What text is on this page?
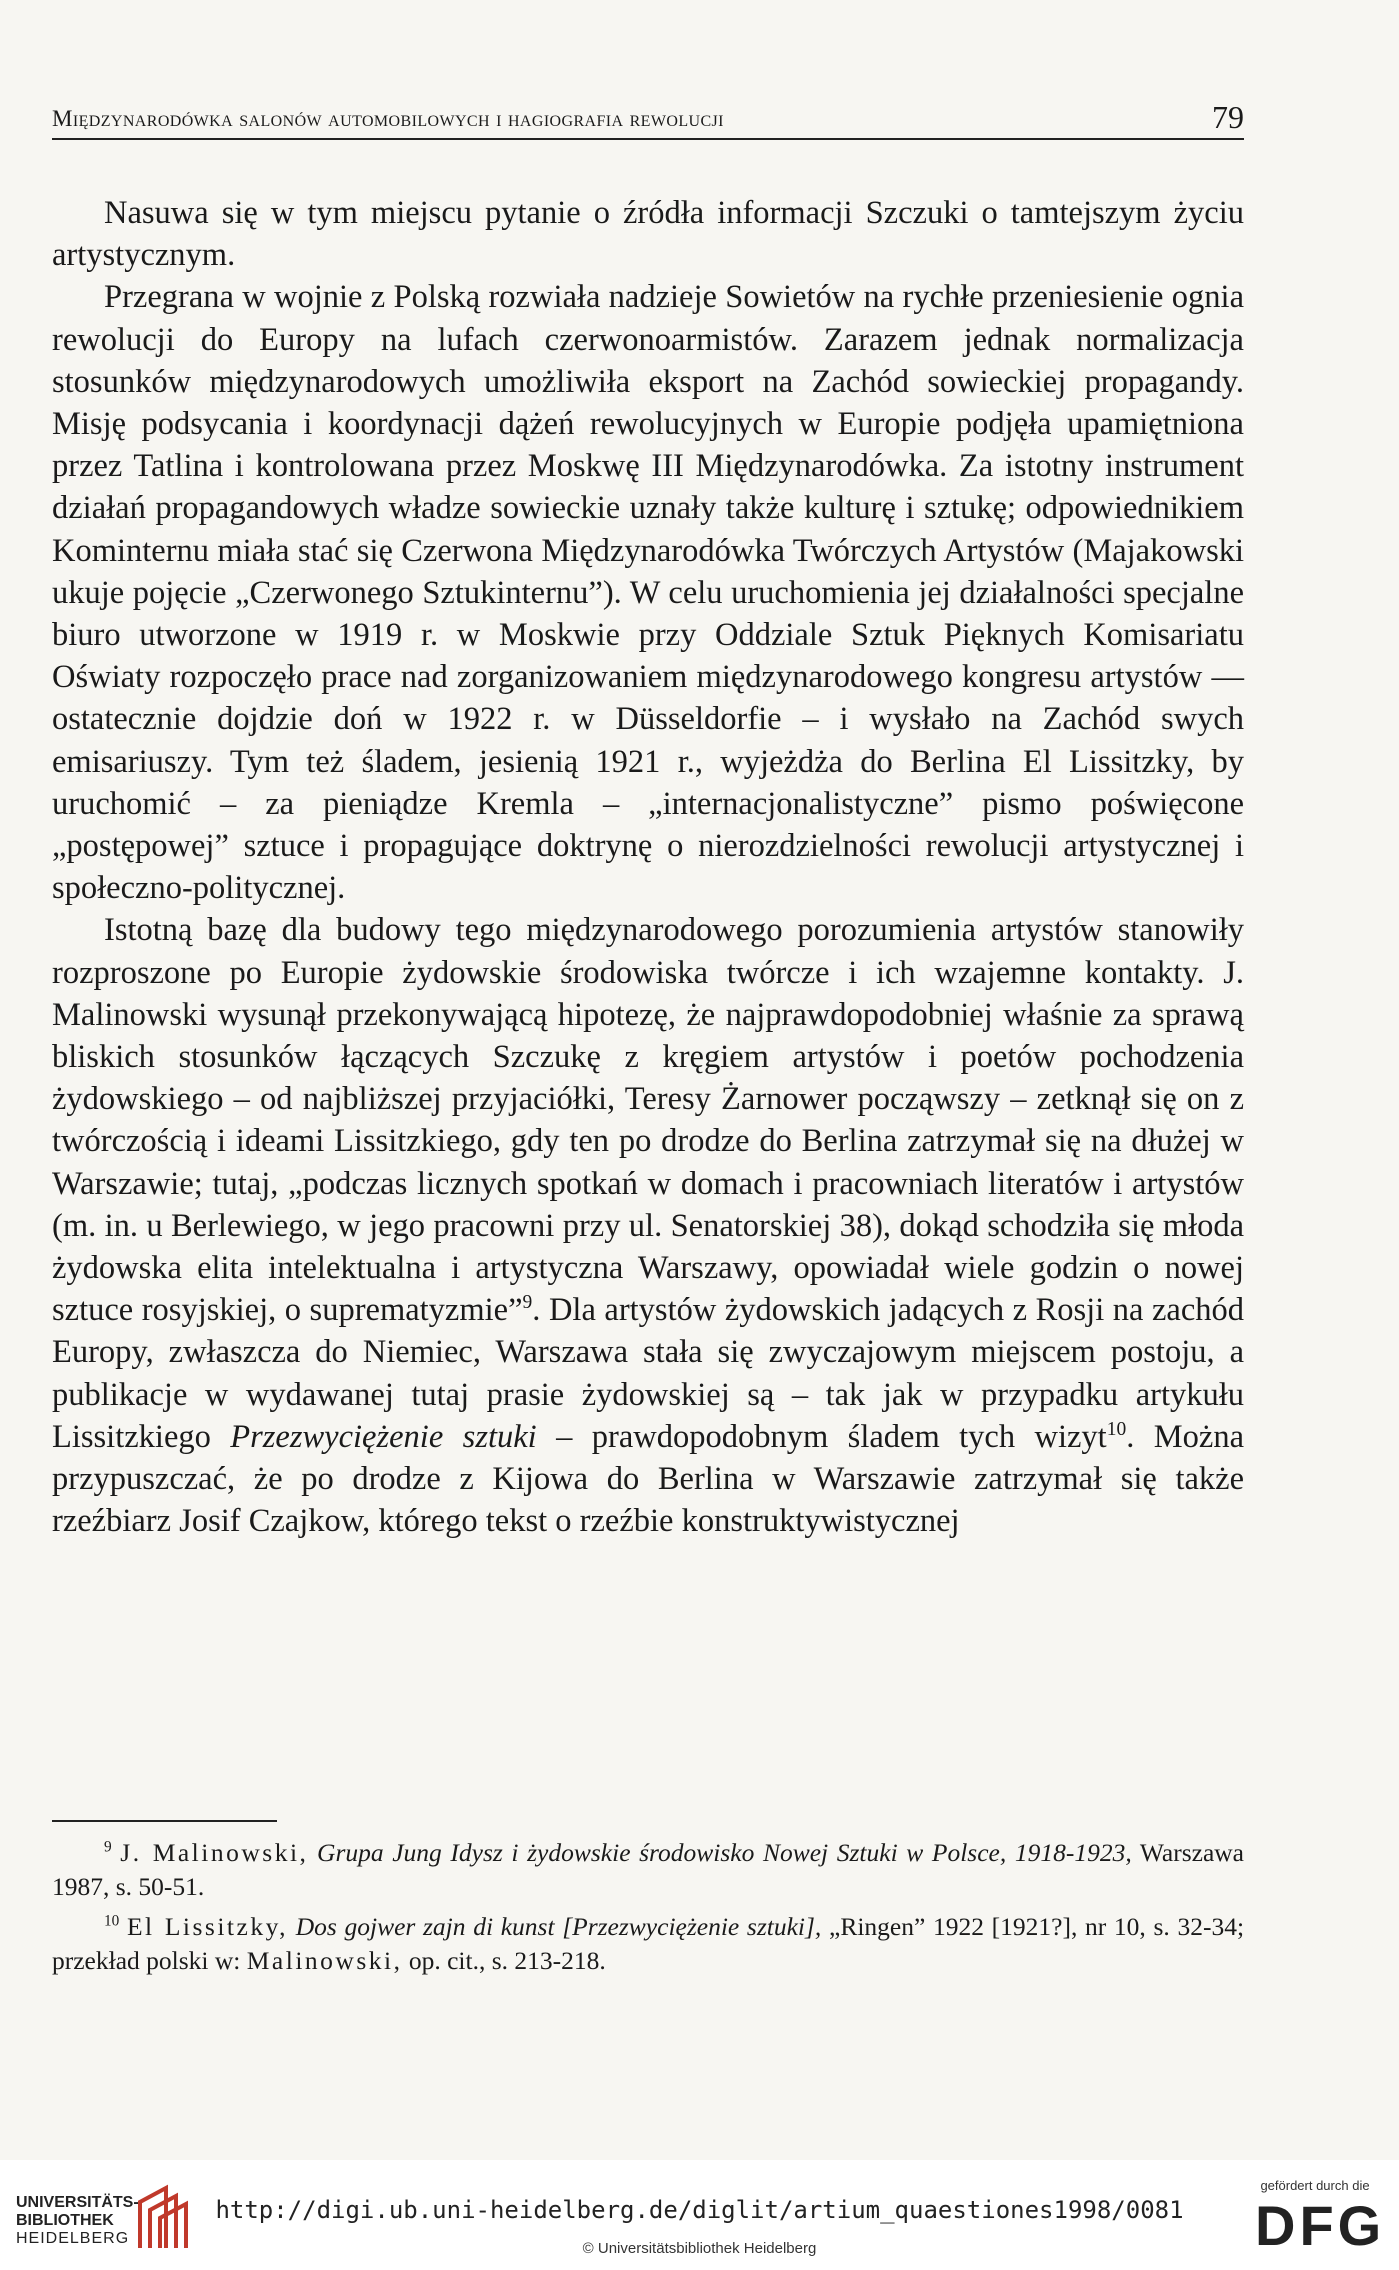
Międzynarodówka salonów automobilowych i hagiografia rewolucji	79

Nasuwa się w tym miejscu pytanie o źródła informacji Szczuki o tamtejszym życiu artystycznym.

Przegrana w wojnie z Polską rozwiała nadzieje Sowietów na rychłe przeniesienie ognia rewolucji do Europy na lufach czerwonoarmistów. Zarazem jednak normalizacja stosunków międzynarodowych umożliwiła eksport na Zachód sowieckiej propagandy. Misję podsycania i koordynacji dążeń rewolucyjnych w Europie podjęła upamiętniona przez Tatlina i kontrolowana przez Moskwę III Międzynarodówka. Za istotny instrument działań propagandowych władze sowieckie uznały także kulturę i sztukę; odpowiednikiem Kominternu miała stać się Czerwona Międzynarodówka Twórczych Artystów (Majakowski ukuje pojęcie „Czerwonego Sztukinternu”). W celu uruchomienia jej działalności specjalne biuro utworzone w 1919 r. w Moskwie przy Oddziale Sztuk Pięknych Komisariatu Oświaty rozpoczęło prace nad zorganizowaniem międzynarodowego kongresu artystów — ostatecznie dojdzie doń w 1922 r. w Düsseldorfie – i wysłało na Zachód swych emisariuszy. Tym też śladem, jesienią 1921 r., wyjeżdża do Berlina El Lissitzky, by uruchomić – za pieniądze Kremla – „internacjonalistyczne” pismo poświęcone „postępowej” sztuce i propagujące doktrynę o nierozdzielności rewolucji artystycznej i społeczno-politycznej.

Istotną bazę dla budowy tego międzynarodowego porozumienia artystów stanowiły rozproszone po Europie żydowskie środowiska twórcze i ich wzajemne kontakty. J. Malinowski wysunął przekonywającą hipotezę, że najprawdopodobniej właśnie za sprawą bliskich stosunków łączących Szczukę z kręgiem artystów i poetów pochodzenia żydowskiego – od najbliższej przyjaciółki, Teresy Żarnower począwszy – zetknął się on z twórczością i ideami Lissitzkiego, gdy ten po drodze do Berlina zatrzymał się na dłużej w Warszawie; tutaj, „podczas licznych spotkań w domach i pracowniach literatów i artystów (m. in. u Berlewiego, w jego pracowni przy ul. Senatorskiej 38), dokąd schodziła się młoda żydowska elita intelektualna i artystyczna Warszawy, opowiadał wiele godzin o nowej sztuce rosyjskiej, o suprematyzmie”$^9$. Dla artystów żydowskich jadących z Rosji na zachód Europy, zwłaszcza do Niemiec, Warszawa stała się zwyczajowym miejscem postoju, a publikacje w wydawanej tutaj prasie żydowskiej są – tak jak w przypadku artykułu Lissitzkiego Przezwyciężenie sztuki – prawdopodobnym śladem tych wizyt$^{10}$. Można przypuszczać, że po drodze z Kijowa do Berlina w Warszawie zatrzymał się także rzeźbiarz Josif Czajkow, którego tekst o rzeźbie konstruktywistycznej

$^9$ J. Malinowski, Grupa Jung Idysz i żydowskie środowisko Nowej Sztuki w Polsce, 1918-1923, Warszawa 1987, s. 50-51.

$^{10}$ El Lissitzky, Dos gojwer zajn di kunst [Przezwyciężenie sztuki], „Ringen” 1922 [1921?], nr 10, s. 32-34; przekład polski w: Malinowski, op. cit., s. 213-218.

UNIVERSITÄTS-
BIBLIOTHEK
HEIDELBERG
http://digi.ub.uni-heidelberg.de/diglit/artium_quaestiones1998/0081
© Universitätsbibliothek Heidelberg
gefördert durch die
DFG
